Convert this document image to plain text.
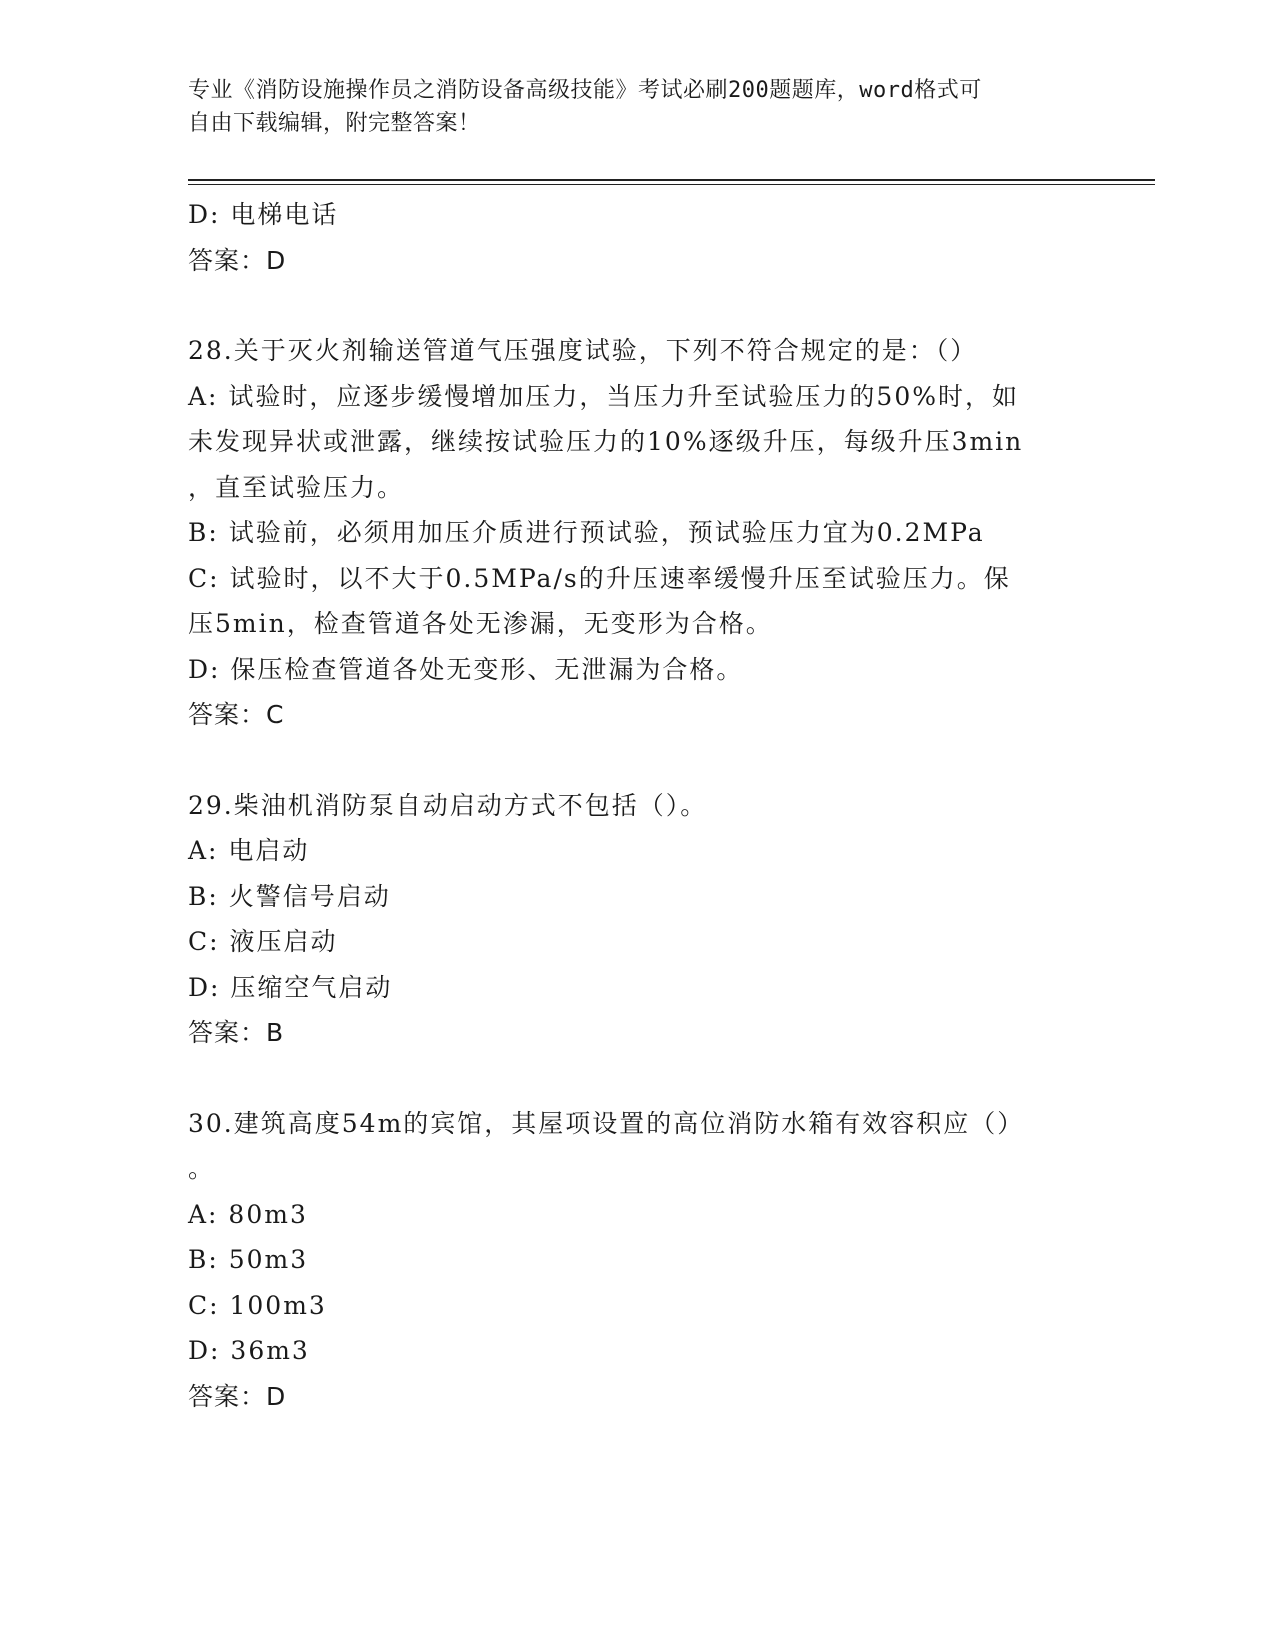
专业《消防设施操作员之消防设备高级技能》考试必刷200题题库，word格式可
自由下载编辑，附完整答案！
D: 电梯电话
答案：D
28.关于灭火剂输送管道气压强度试验，下列不符合规定的是：（）
A: 试验时，应逐步缓慢增加压力，当压力升至试验压力的50%时，如
未发现异状或泄露，继续按试验压力的10%逐级升压，每级升压3min
，直至试验压力。
B: 试验前，必须用加压介质进行预试验，预试验压力宜为0.2MPa
C: 试验时，以不大于0.5MPa/s的升压速率缓慢升压至试验压力。保
压5min，检查管道各处无渗漏，无变形为合格。
D: 保压检查管道各处无变形、无泄漏为合格。
答案：C
29.柴油机消防泵自动启动方式不包括（）。
A: 电启动
B: 火警信号启动
C: 液压启动
D: 压缩空气启动
答案：B
30.建筑高度54m的宾馆，其屋项设置的高位消防水箱有效容积应（）
。
A: 80m3
B: 50m3
C: 100m3
D: 36m3
答案：D
